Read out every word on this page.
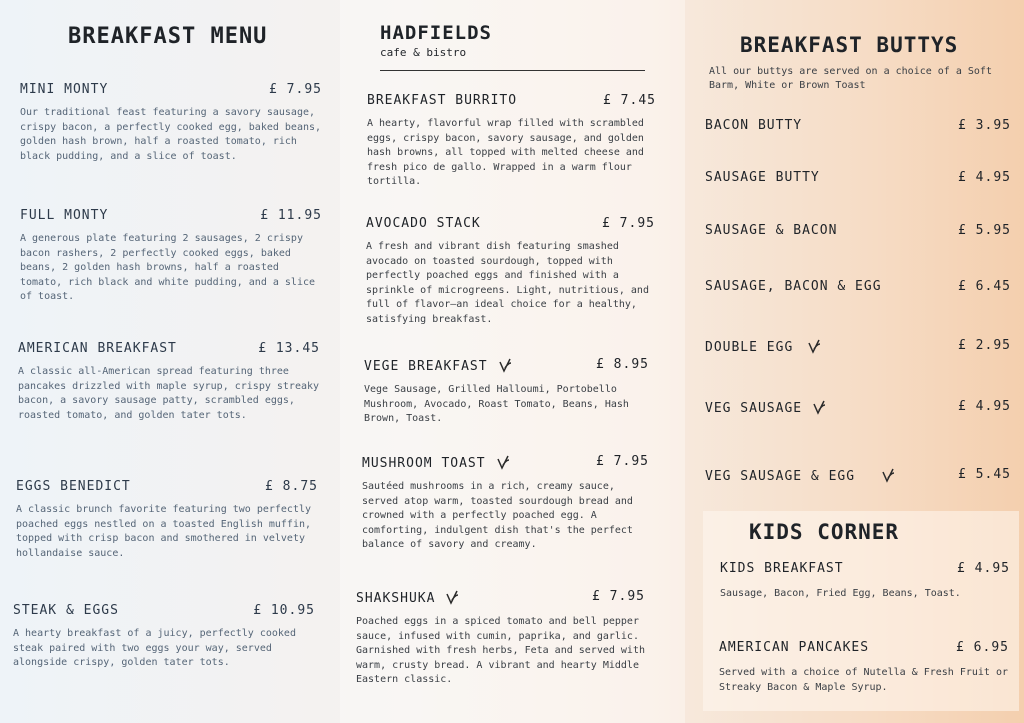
BREAKFAST MENU
MINI MONTY	£ 7.95
Our traditional feast featuring a savory sausage, crispy bacon, a perfectly cooked egg, baked beans, golden hash brown, half a roasted tomato, rich black pudding, and a slice of toast.
FULL MONTY	£ 11.95
A generous plate featuring 2 sausages, 2 crispy bacon rashers, 2 perfectly cooked eggs, baked beans, 2 golden hash browns, half a roasted tomato, rich black and white pudding, and a slice of toast.
AMERICAN BREAKFAST	£ 13.45
A classic all-American spread featuring three pancakes drizzled with maple syrup, crispy streaky bacon, a savory sausage patty, scrambled eggs, roasted tomato, and golden tater tots.
EGGS BENEDICT	£ 8.75
A classic brunch favorite featuring two perfectly poached eggs nestled on a toasted English muffin, topped with crisp bacon and smothered in velvety hollandaise sauce.
STEAK & EGGS	£ 10.95
A hearty breakfast of a juicy, perfectly cooked steak paired with two eggs your way, served alongside crispy, golden tater tots.
HADFIELDS
cafe & bistro
BREAKFAST BURRITO	£ 7.45
A hearty, flavorful wrap filled with scrambled eggs, crispy bacon, savory sausage, and golden hash browns, all topped with melted cheese and fresh pico de gallo. Wrapped in a warm flour tortilla.
AVOCADO STACK	£ 7.95
A fresh and vibrant dish featuring smashed avocado on toasted sourdough, topped with perfectly poached eggs and finished with a sprinkle of microgreens. Light, nutritious, and full of flavor—an ideal choice for a healthy, satisfying breakfast.
VEGE BREAKFAST	£ 8.95
Vege Sausage, Grilled Halloumi, Portobello Mushroom, Avocado, Roast Tomato, Beans, Hash Brown, Toast.
MUSHROOM TOAST	£ 7.95
Sautéed mushrooms in a rich, creamy sauce, served atop warm, toasted sourdough bread and crowned with a perfectly poached egg. A comforting, indulgent dish that's the perfect balance of savory and creamy.
SHAKSHUKA	£ 7.95
Poached eggs in a spiced tomato and bell pepper sauce, infused with cumin, paprika, and garlic. Garnished with fresh herbs, Feta and served with warm, crusty bread. A vibrant and hearty Middle Eastern classic.
BREAKFAST BUTTYS
All our buttys are served on a choice of a Soft Barm, White or Brown Toast
BACON BUTTY	£ 3.95
SAUSAGE BUTTY	£ 4.95
SAUSAGE & BACON	£ 5.95
SAUSAGE, BACON & EGG	£ 6.45
DOUBLE EGG	£ 2.95
VEG SAUSAGE	£ 4.95
VEG SAUSAGE & EGG	£ 5.45
KIDS CORNER
KIDS BREAKFAST	£ 4.95
Sausage, Bacon, Fried Egg, Beans, Toast.
AMERICAN PANCAKES	£ 6.95
Served with a choice of Nutella & Fresh Fruit or Streaky Bacon & Maple Syrup.
